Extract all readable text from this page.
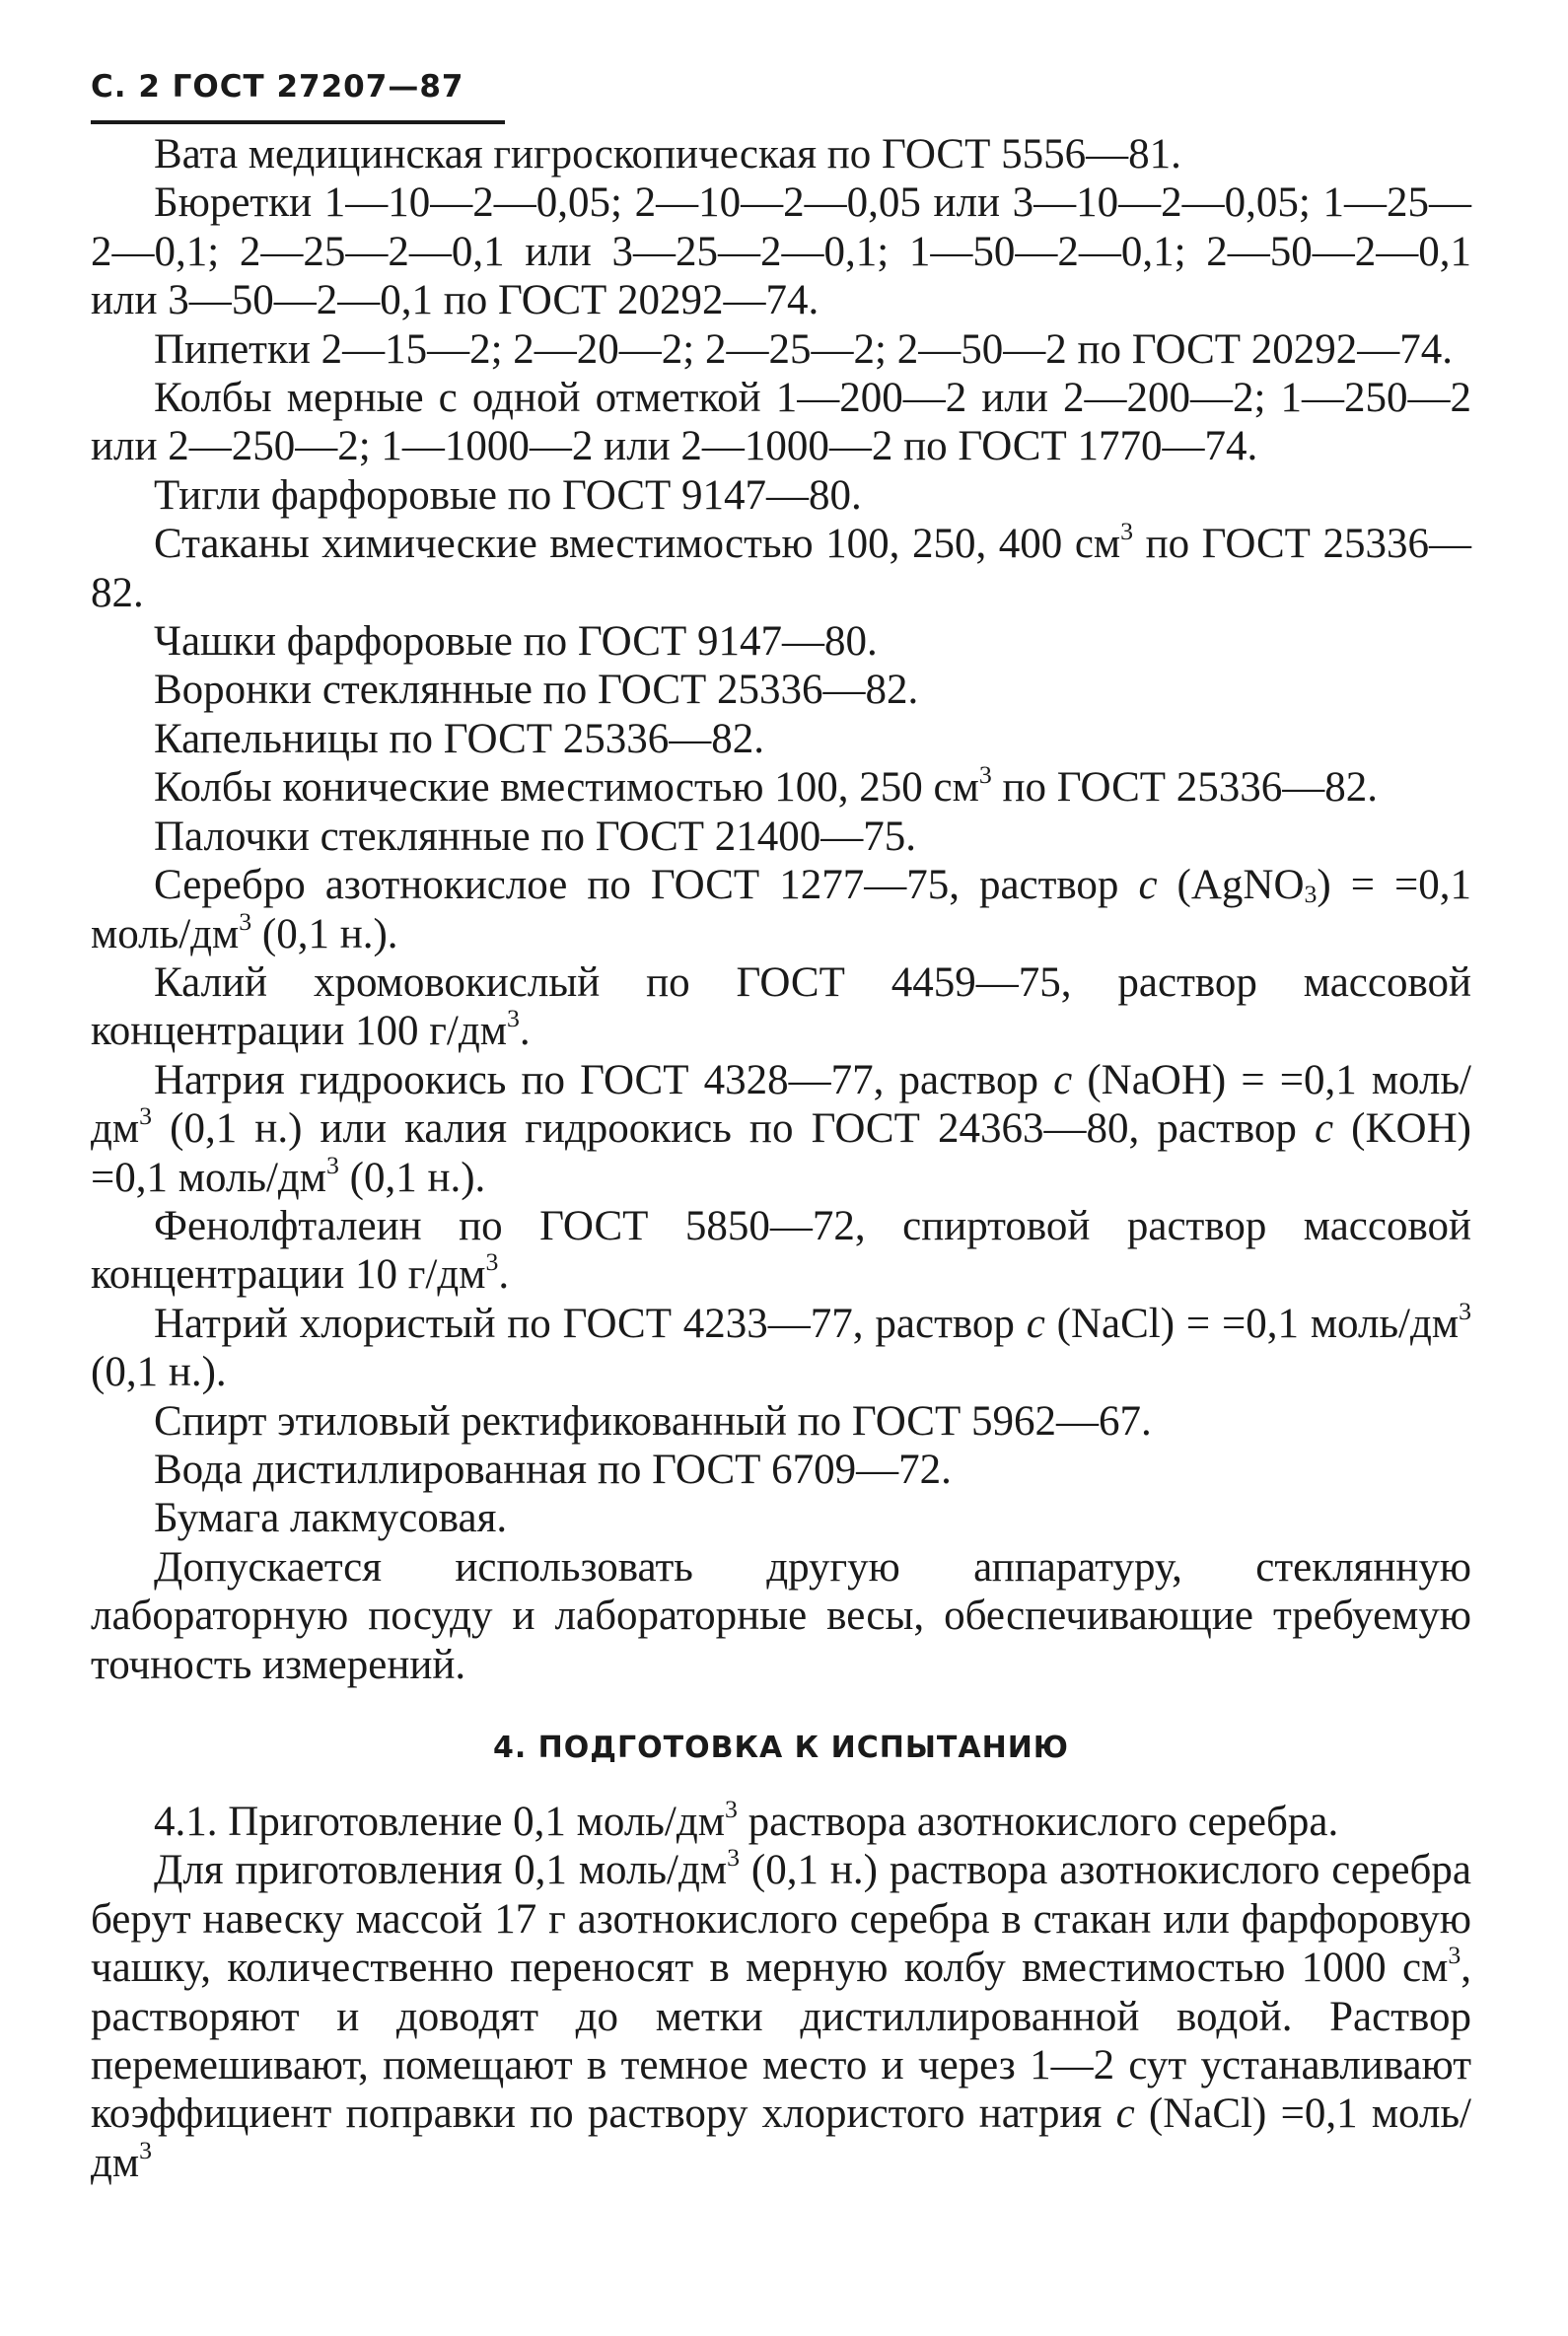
С. 2 ГОСТ 27207—87

Вата медицинская гигроскопическая по ГОСТ 5556—81.

Бюретки 1—10—2—0,05; 2—10—2—0,05 или 3—10—2—0,05; 1—25—2—0,1; 2—25—2—0,1 или 3—25—2—0,1; 1—50—2—0,1; 2—50—2—0,1 или 3—50—2—0,1 по ГОСТ 20292—74.

Пипетки 2—15—2; 2—20—2; 2—25—2; 2—50—2 по ГОСТ 20292—74.

Колбы мерные с одной отметкой 1—200—2 или 2—200—2; 1—250—2 или 2—250—2; 1—1000—2 или 2—1000—2 по ГОСТ 1770—74.

Тигли фарфоровые по ГОСТ 9147—80.

Стаканы химические вместимостью 100, 250, 400 $см^3$ по ГОСТ 25336—82.

Чашки фарфоровые по ГОСТ 9147—80.

Воронки стеклянные по ГОСТ 25336—82.

Капельницы по ГОСТ 25336—82.

Колбы конические вместимостью 100, 250 $см^3$ по ГОСТ 25336—82.

Палочки стеклянные по ГОСТ 21400—75.

Серебро азотнокислое по ГОСТ 1277—75, раствор c (AgNO$_3$) = =0,1 моль/$дм^3$ (0,1 н.).

Калий хромовокислый по ГОСТ 4459—75, раствор массовой концентрации 100 $г/дм^3$.

Натрия гидроокись по ГОСТ 4328—77, раствор c (NaOH) = =0,1 моль/$дм^3$ (0,1 н.) или калия гидроокись по ГОСТ 24363—80, раствор c (KOH) =0,1 моль/$дм^3$ (0,1 н.).

Фенолфталеин по ГОСТ 5850—72, спиртовой раствор массовой концентрации 10 $г/дм^3$.

Натрий хлористый по ГОСТ 4233—77, раствор c (NaCl) = =0,1 моль/$дм^3$ (0,1 н.).

Спирт этиловый ректификованный по ГОСТ 5962—67.

Вода дистиллированная по ГОСТ 6709—72.

Бумага лакмусовая.

Допускается использовать другую аппаратуру, стеклянную лабораторную посуду и лабораторные весы, обеспечивающие требуемую точность измерений.

4. ПОДГОТОВКА К ИСПЫТАНИЮ

4.1. Приготовление 0,1 моль/$дм^3$ раствора азотнокислого серебра.

Для приготовления 0,1 моль/$дм^3$ (0,1 н.) раствора азотнокислого серебра берут навеску массой 17 г азотнокислого серебра в стакан или фарфоровую чашку, количественно переносят в мерную колбу вместимостью 1000 $см^3$, растворяют и доводят до метки дистиллированной водой. Раствор перемешивают, помещают в темное место и через 1—2 сут устанавливают коэффициент поправки по раствору хлористого натрия c (NaCl) =0,1 моль/$дм^3$
